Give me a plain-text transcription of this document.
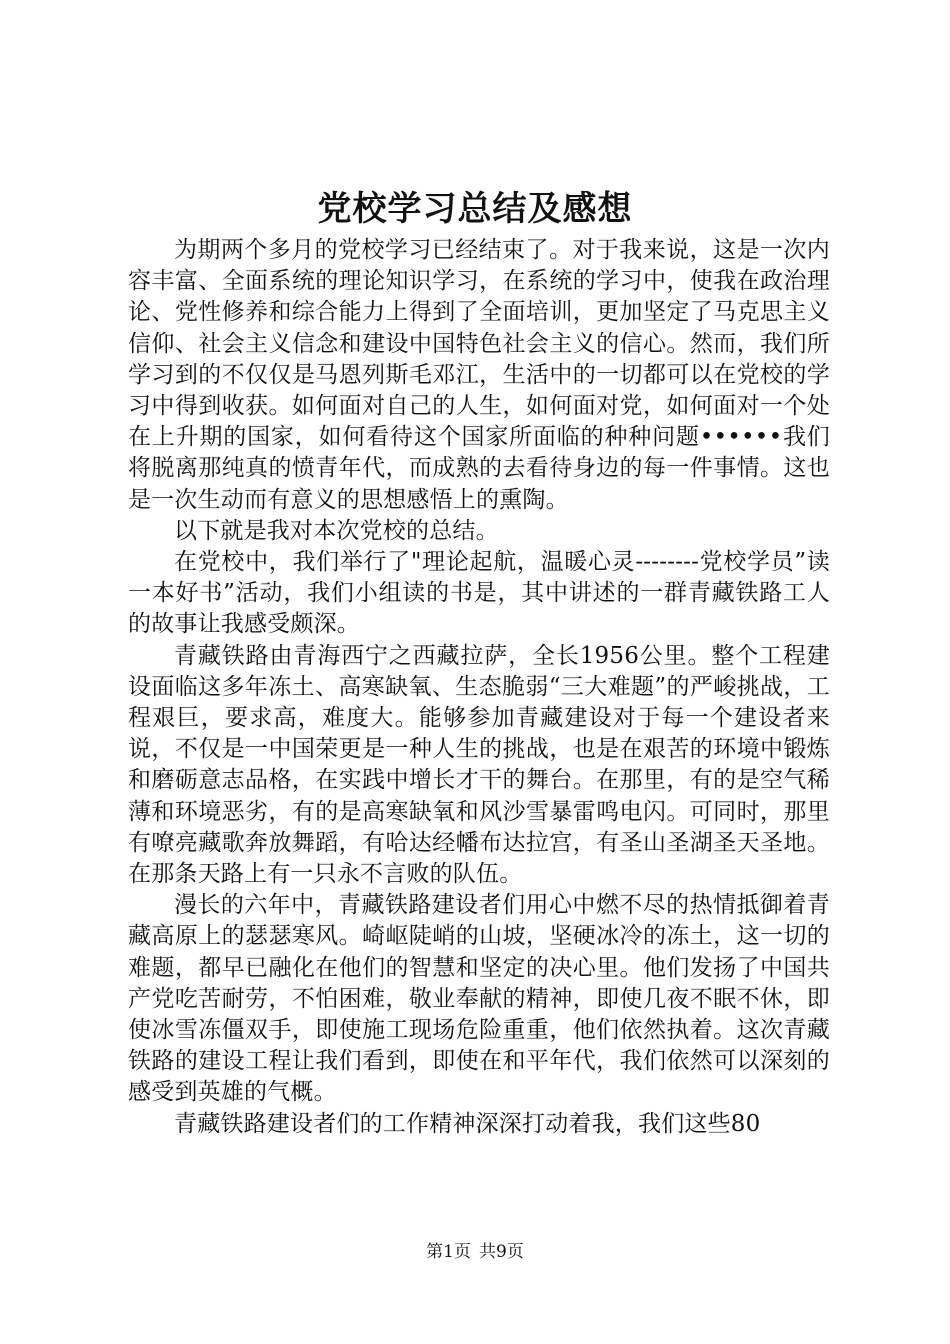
党校学习总结及感想

为期两个多月的党校学习已经结束了。对于我来说，这是一次内容丰富、全面系统的理论知识学习，在系统的学习中，使我在政治理论、党性修养和综合能力上得到了全面培训，更加坚定了马克思主义信仰、社会主义信念和建设中国特色社会主义的信心。然而，我们所学习到的不仅仅是马恩列斯毛邓江，生活中的一切都可以在党校的学习中得到收获。如何面对自己的人生，如何面对党，如何面对一个处在上升期的国家，如何看待这个国家所面临的种种问题••••••我们将脱离那纯真的愤青年代，而成熟的去看待身边的每一件事情。这也是一次生动而有意义的思想感悟上的熏陶。

以下就是我对本次党校的总结。

在党校中，我们举行了"理论起航，温暖心灵--------党校学员”读一本好书”活动，我们小组读的书是，其中讲述的一群青藏铁路工人的故事让我感受颇深。

青藏铁路由青海西宁之西藏拉萨，全长1956公里。整个工程建设面临这多年冻土、高寒缺氧、生态脆弱“三大难题”的严峻挑战，工程艰巨，要求高，难度大。能够参加青藏建设对于每一个建设者来说，不仅是一中国荣更是一种人生的挑战，也是在艰苦的环境中锻炼和磨砺意志品格，在实践中增长才干的舞台。在那里，有的是空气稀薄和环境恶劣，有的是高寒缺氧和风沙雪暴雷鸣电闪。可同时，那里有嘹亮藏歌奔放舞蹈，有哈达经幡布达拉宫，有圣山圣湖圣天圣地。在那条天路上有一只永不言败的队伍。

漫长的六年中，青藏铁路建设者们用心中燃不尽的热情抵御着青藏高原上的瑟瑟寒风。崎岖陡峭的山坡，坚硬冰冷的冻土，这一切的难题，都早已融化在他们的智慧和坚定的决心里。他们发扬了中国共产党吃苦耐劳，不怕困难，敬业奉献的精神，即使几夜不眠不休，即使冰雪冻僵双手，即使施工现场危险重重，他们依然执着。这次青藏铁路的建设工程让我们看到，即使在和平年代，我们依然可以深刻的感受到英雄的气概。

青藏铁路建设者们的工作精神深深打动着我，我们这些80

第1页 共9页
